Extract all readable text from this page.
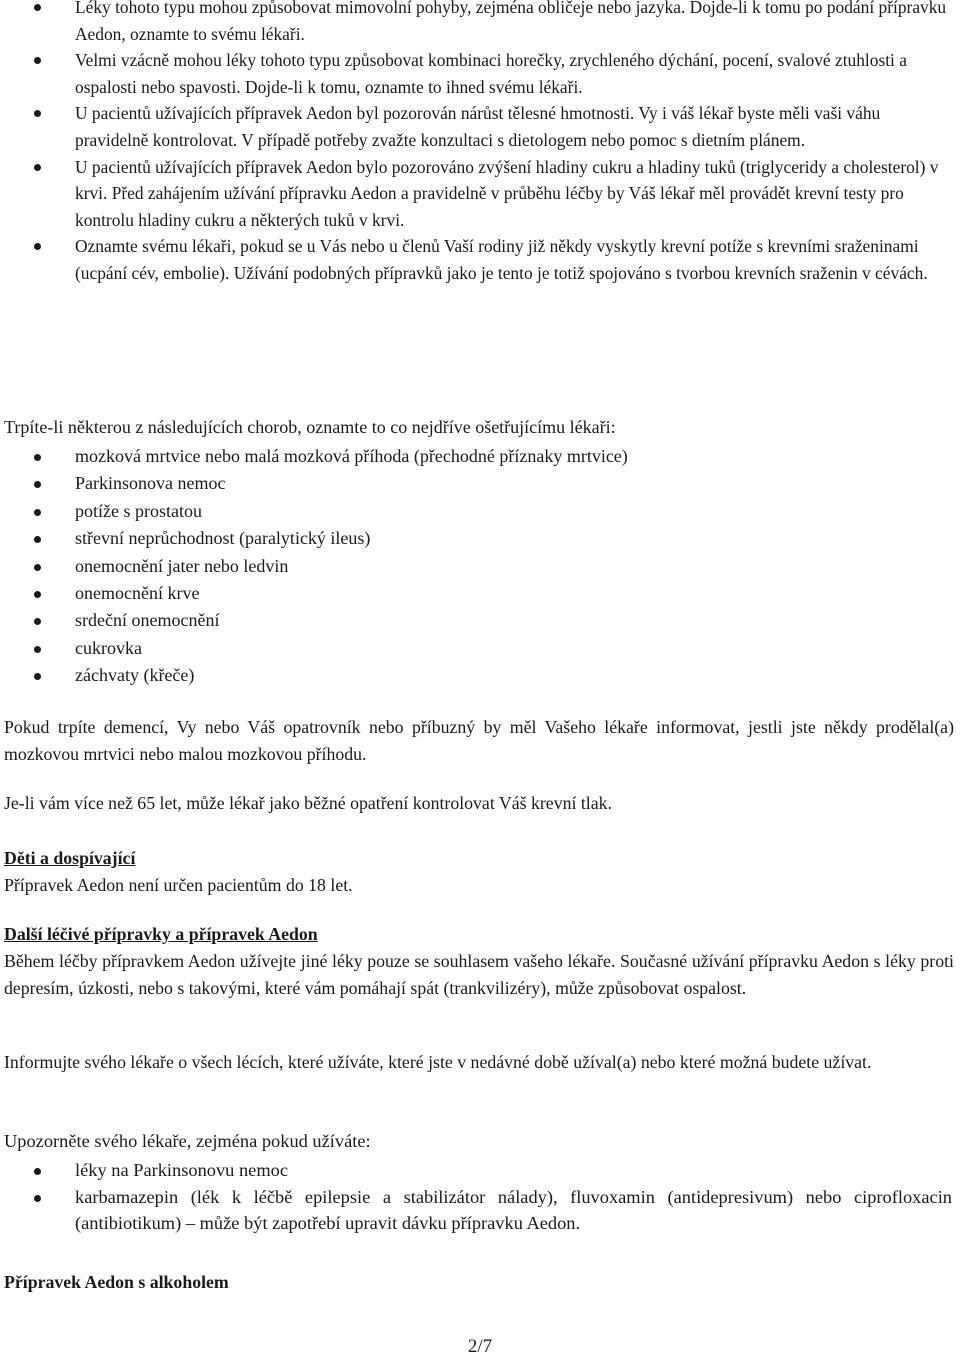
Léky tohoto typu mohou způsobovat mimovolní pohyby, zejména obličeje nebo jazyka. Dojde-li k tomu po podání přípravku Aedon, oznamte to svému lékaři.
Velmi vzácně mohou léky tohoto typu způsobovat kombinaci horečky, zrychleného dýchání, pocení, svalové ztuhlosti a ospalosti nebo spavosti. Dojde-li k tomu, oznamte to ihned svému lékaři.
U pacientů užívajících přípravek Aedon byl pozorován nárůst tělesné hmotnosti. Vy i váš lékař byste měli vaši váhu pravidelně kontrolovat. V případě potřeby zvažte konzultaci s dietologem nebo pomoc s dietním plánem.
U pacientů užívajících přípravek Aedon bylo pozorováno zvýšení hladiny cukru a hladiny tuků (triglyceridy a cholesterol) v krvi. Před zahájením užívání přípravku Aedon a pravidelně v průběhu léčby by Váš lékař měl provádět krevní testy pro kontrolu hladiny cukru a některých tuků v krvi.
Oznamte svému lékaři, pokud se u Vás nebo u členů Vaší rodiny již někdy vyskytly krevní potíže s krevními sraženinami (ucpání cév, embolie). Užívání podobných přípravků jako je tento je totiž spojováno s tvorbou krevních sraženin v cévách.

Trpíte-li některou z následujících chorob, oznamte to co nejdříve ošetřujícímu lékaři:

mozková mrtvice nebo malá mozková příhoda (přechodné příznaky mrtvice)
Parkinsonova nemoc
potíže s prostatou
střevní neprůchodnost (paralytický ileus)
onemocnění jater nebo ledvin
onemocnění krve
srdeční onemocnění
cukrovka
záchvaty (křeče)

Pokud trpíte demencí, Vy nebo Váš opatrovník nebo příbuzný by měl Vašeho lékaře informovat, jestli jste někdy prodělal(a) mozkovou mrtvici nebo malou mozkovou příhodu.

Je-li vám více než 65 let, může lékař jako běžné opatření kontrolovat Váš krevní tlak.

Děti a dospívající
Přípravek Aedon není určen pacientům do 18 let.

Další léčivé přípravky a přípravek Aedon
Během léčby přípravkem Aedon užívejte jiné léky pouze se souhlasem vašeho lékaře. Současné užívání přípravku Aedon s léky proti depresím, úzkosti, nebo s takovými, které vám pomáhají spát (trankvilizéry), může způsobovat ospalost.

Informujte svého lékaře o všech lécích, které užíváte, které jste v nedávné době užíval(a) nebo které možná budete užívat.

Upozorněte svého lékaře, zejména pokud užíváte:

léky na Parkinsonovu nemoc
karbamazepin (lék k léčbě epilepsie a stabilizátor nálady), fluvoxamin (antidepresivum) nebo ciprofloxacin (antibiotikum) – může být zapotřebí upravit dávku přípravku Aedon.

Přípravek Aedon s alkoholem

2/7
